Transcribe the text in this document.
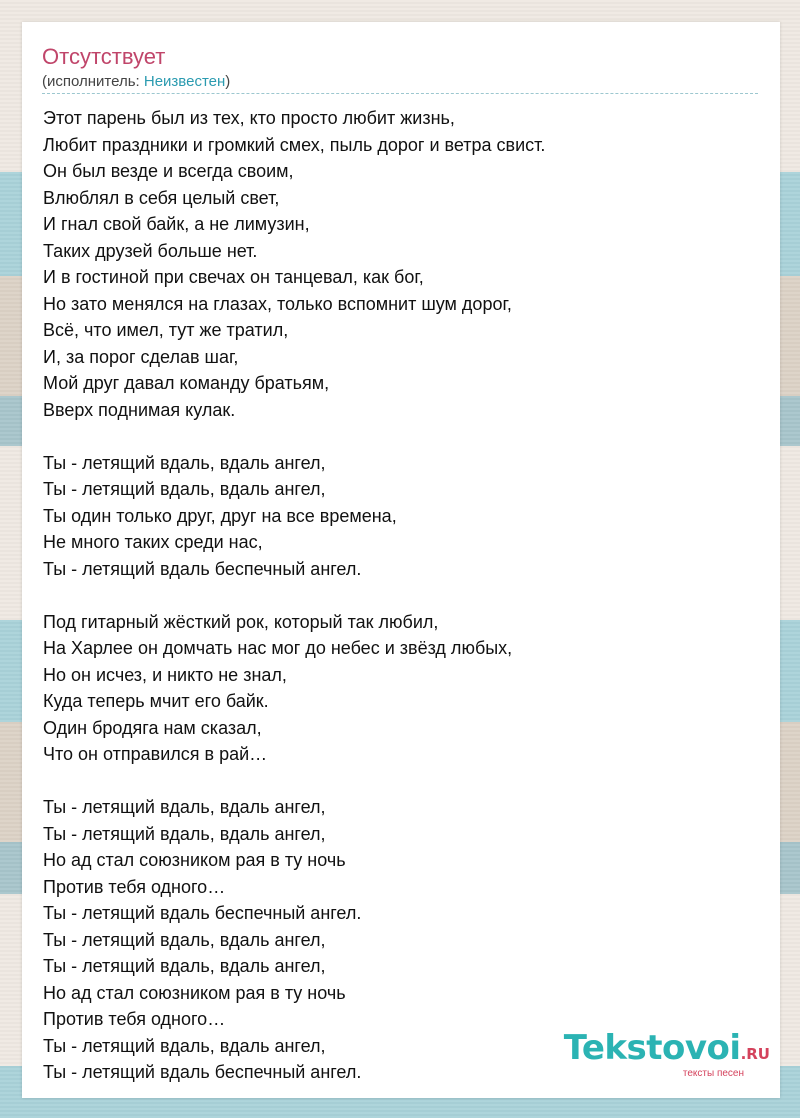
Отсутствует
(исполнитель: Неизвестен)
Этот парень был из тех, кто просто любит жизнь,
Любит праздники и громкий смех, пыль дорог и ветра свист.
Он был везде и всегда своим,
Влюблял в себя целый свет,
И гнал свой байк, а не лимузин,
Таких друзей больше нет.
И в гостиной при свечах он танцевал, как бог,
Но зато менялся на глазах, только вспомнит шум дорог,
Всё, что имел, тут же тратил,
И, за порог сделав шаг,
Мой друг давал команду братьям,
Вверх поднимая кулак.
Ты - летящий вдаль, вдаль ангел,
Ты - летящий вдаль, вдаль ангел,
Ты один только друг, друг на все времена,
Не много таких среди нас,
Ты - летящий вдаль беспечный ангел.
Под гитарный жёсткий рок, который так любил,
На Харлее он домчать нас мог до небес и звёзд любых,
Но он исчез, и никто не знал,
Куда теперь мчит его байк.
Один бродяга нам сказал,
Что он отправился в рай…
Ты - летящий вдаль, вдаль ангел,
Ты - летящий вдаль, вдаль ангел,
Но ад стал союзником рая в ту ночь
Против тебя одного…
Ты - летящий вдаль беспечный ангел.
Ты - летящий вдаль, вдаль ангел,
Ты - летящий вдаль, вдаль ангел,
Но ад стал союзником рая в ту ночь
Против тебя одного…
Ты - летящий вдаль, вдаль ангел,
Ты - летящий вдаль беспечный ангел.
Tekstovoi.RU
тексты песен
